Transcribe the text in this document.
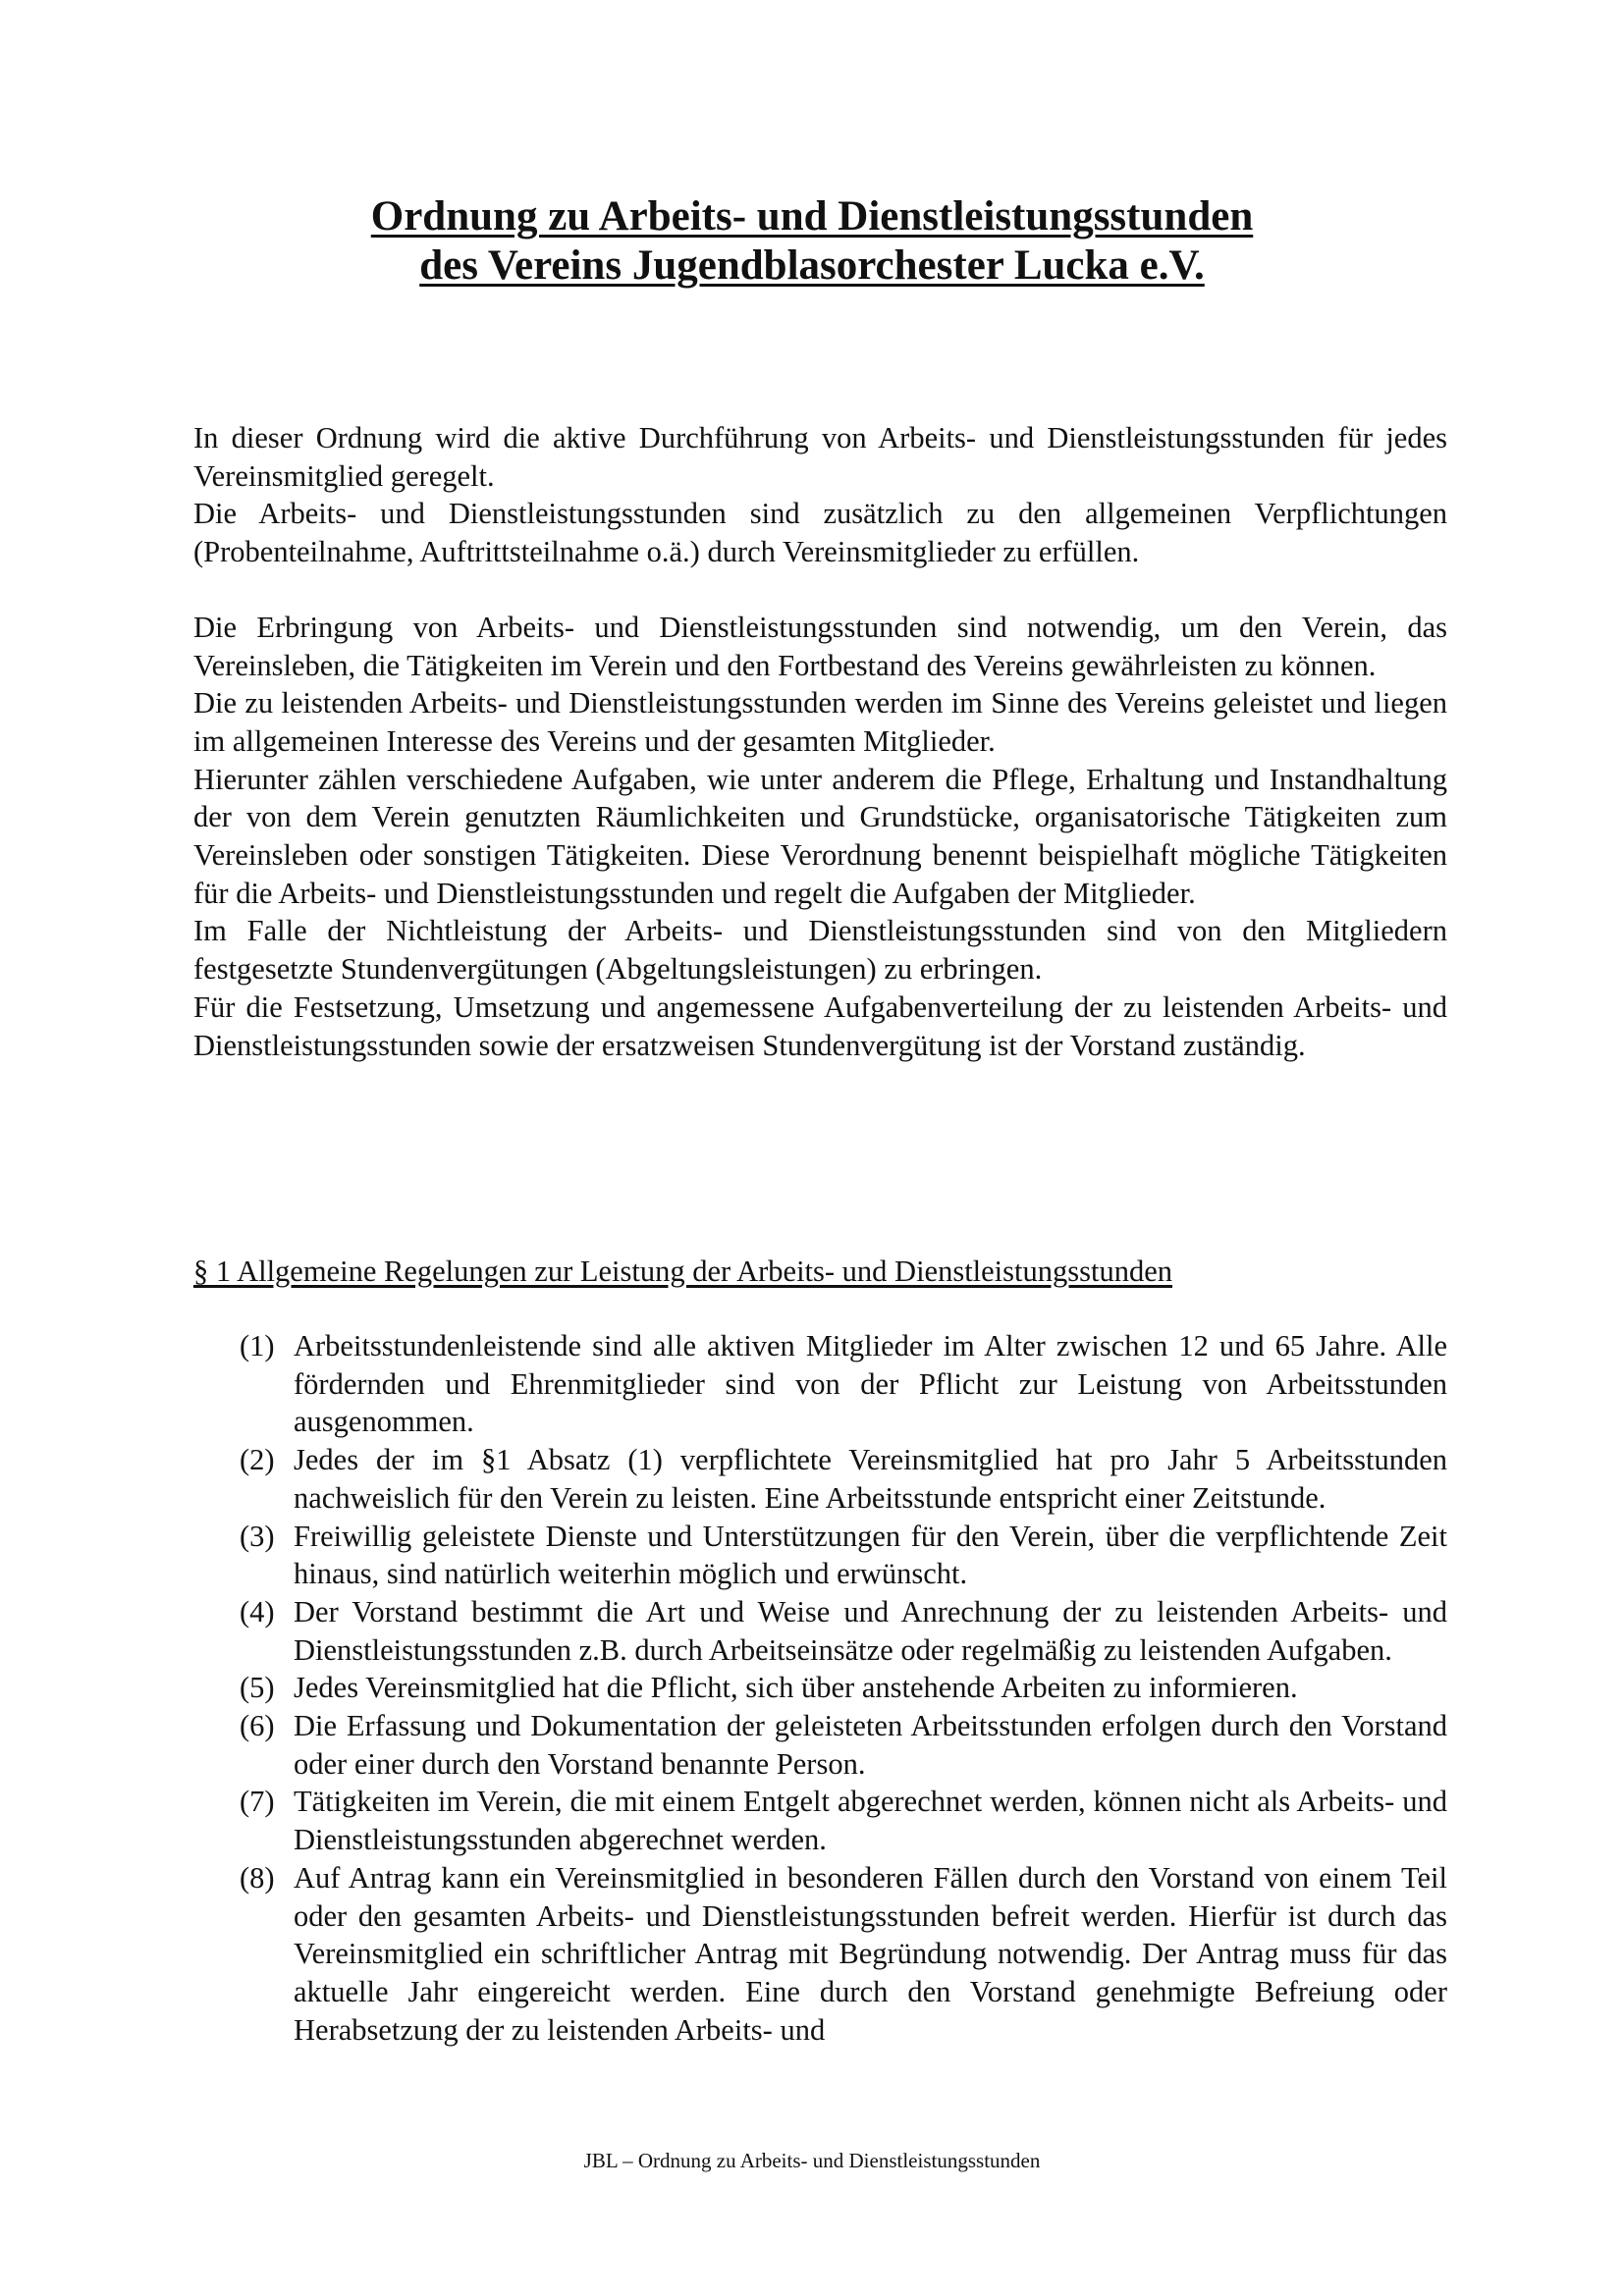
Ordnung zu Arbeits- und Dienstleistungsstunden
des Vereins Jugendblasorchester Lucka e.V.

In dieser Ordnung wird die aktive Durchführung von Arbeits- und Dienstleistungsstunden für jedes Vereinsmitglied geregelt.

Die Arbeits- und Dienstleistungsstunden sind zusätzlich zu den allgemeinen Verpflichtungen (Probenteilnahme, Auftrittsteilnahme o.ä.) durch Vereinsmitglieder zu erfüllen.

Die Erbringung von Arbeits- und Dienstleistungsstunden sind notwendig, um den Verein, das Vereinsleben, die Tätigkeiten im Verein und den Fortbestand des Vereins gewährleisten zu können.

Die zu leistenden Arbeits- und Dienstleistungsstunden werden im Sinne des Vereins geleistet und liegen im allgemeinen Interesse des Vereins und der gesamten Mitglieder.

Hierunter zählen verschiedene Aufgaben, wie unter anderem die Pflege, Erhaltung und Instandhaltung der von dem Verein genutzten Räumlichkeiten und Grundstücke, organisatorische Tätigkeiten zum Vereinsleben oder sonstigen Tätigkeiten. Diese Verordnung benennt beispielhaft mögliche Tätigkeiten für die Arbeits- und Dienstleistungsstunden und regelt die Aufgaben der Mitglieder.

Im Falle der Nichtleistung der Arbeits- und Dienstleistungsstunden sind von den Mitgliedern festgesetzte Stundenvergütungen (Abgeltungsleistungen) zu erbringen.

Für die Festsetzung, Umsetzung und angemessene Aufgabenverteilung der zu leistenden Arbeits- und Dienstleistungsstunden sowie der ersatzweisen Stundenvergütung ist der Vorstand zuständig.

§ 1 Allgemeine Regelungen zur Leistung der Arbeits- und Dienstleistungsstunden
(1) Arbeitsstundenleistende sind alle aktiven Mitglieder im Alter zwischen 12 und 65 Jahre. Alle fördernden und Ehrenmitglieder sind von der Pflicht zur Leistung von Arbeitsstunden ausgenommen.
(2) Jedes der im §1 Absatz (1) verpflichtete Vereinsmitglied hat pro Jahr 5 Arbeitsstunden nachweislich für den Verein zu leisten. Eine Arbeitsstunde entspricht einer Zeitstunde.
(3) Freiwillig geleistete Dienste und Unterstützungen für den Verein, über die verpflichtende Zeit hinaus, sind natürlich weiterhin möglich und erwünscht.
(4) Der Vorstand bestimmt die Art und Weise und Anrechnung der zu leistenden Arbeits- und Dienstleistungsstunden z.B. durch Arbeitseinsätze oder regelmäßig zu leistenden Aufgaben.
(5) Jedes Vereinsmitglied hat die Pflicht, sich über anstehende Arbeiten zu informieren.
(6) Die Erfassung und Dokumentation der geleisteten Arbeitsstunden erfolgen durch den Vorstand oder einer durch den Vorstand benannte Person.
(7) Tätigkeiten im Verein, die mit einem Entgelt abgerechnet werden, können nicht als Arbeits- und Dienstleistungsstunden abgerechnet werden.
(8) Auf Antrag kann ein Vereinsmitglied in besonderen Fällen durch den Vorstand von einem Teil oder den gesamten Arbeits- und Dienstleistungsstunden befreit werden. Hierfür ist durch das Vereinsmitglied ein schriftlicher Antrag mit Begründung notwendig. Der Antrag muss für das aktuelle Jahr eingereicht werden. Eine durch den Vorstand genehmigte Befreiung oder Herabsetzung der zu leistenden Arbeits- und
JBL – Ordnung zu Arbeits- und Dienstleistungsstunden
